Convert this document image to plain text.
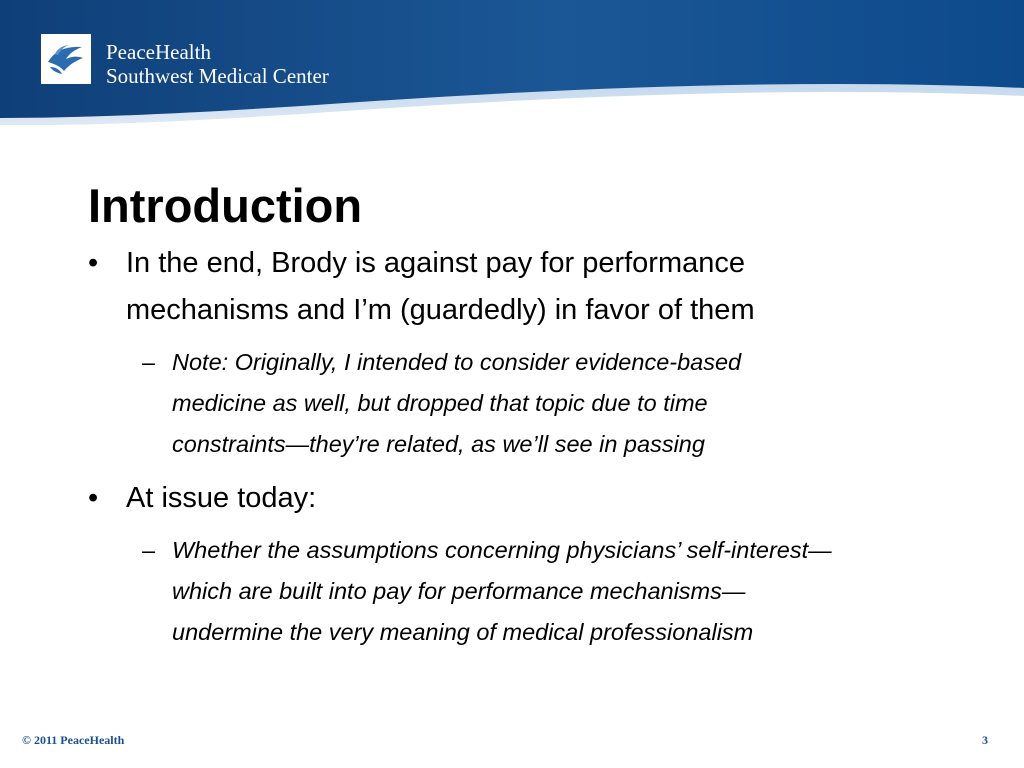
PeaceHealth
Southwest Medical Center
Introduction
• In the end, Brody is against pay for performance
mechanisms and I’m (guardedly) in favor of them
– Note: Originally, I intended to consider evidence-based
medicine as well, but dropped that topic due to time
constraints—they’re related, as we’ll see in passing
• At issue today:
– Whether the assumptions concerning physicians’ self-interest—
which are built into pay for performance mechanisms—
undermine the very meaning of medical professionalism
© 2011 PeaceHealth	3
